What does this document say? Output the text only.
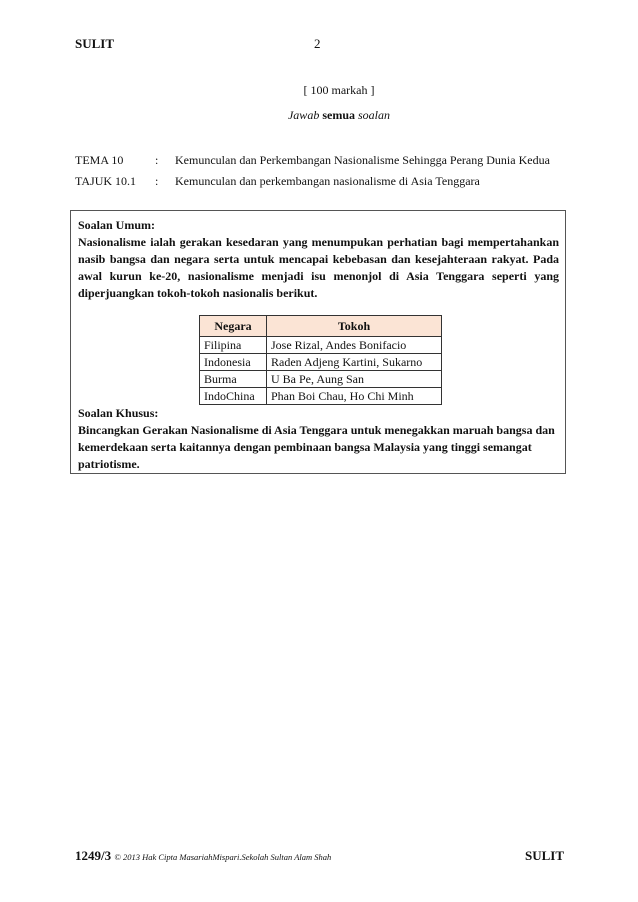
SULIT	2
[ 100 markah ]
Jawab semua soalan
TEMA 10	: Kemunculan dan Perkembangan Nasionalisme Sehingga Perang Dunia Kedua
TAJUK 10.1 : Kemunculan dan perkembangan nasionalisme di Asia Tenggara

Soalan Umum:

Nasionalisme ialah gerakan kesedaran yang menumpukan perhatian bagi mempertahankan nasib bangsa dan negara serta untuk mencapai kebebasan dan kesejahteraan rakyat. Pada awal kurun ke-20, nasionalisme menjadi isu menonjol di Asia Tenggara seperti yang diperjuangkan tokoh-tokoh nasionalis berikut.

Negara	Tokoh
Filipina	Jose Rizal, Andes Bonifacio
Indonesia	Raden Adjeng Kartini, Sukarno
Burma	U Ba Pe, Aung San
IndoChina	Phan Boi Chau, Ho Chi Minh

Soalan Khusus:

Bincangkan Gerakan Nasionalisme di Asia Tenggara untuk menegakkan maruah bangsa dan kemerdekaan serta kaitannya dengan pembinaan bangsa Malaysia yang tinggi semangat patriotisme.

1249/3 © 2013 Hak Cipta MasariahMispari.Sekolah Sultan Alam Shah	SULIT
